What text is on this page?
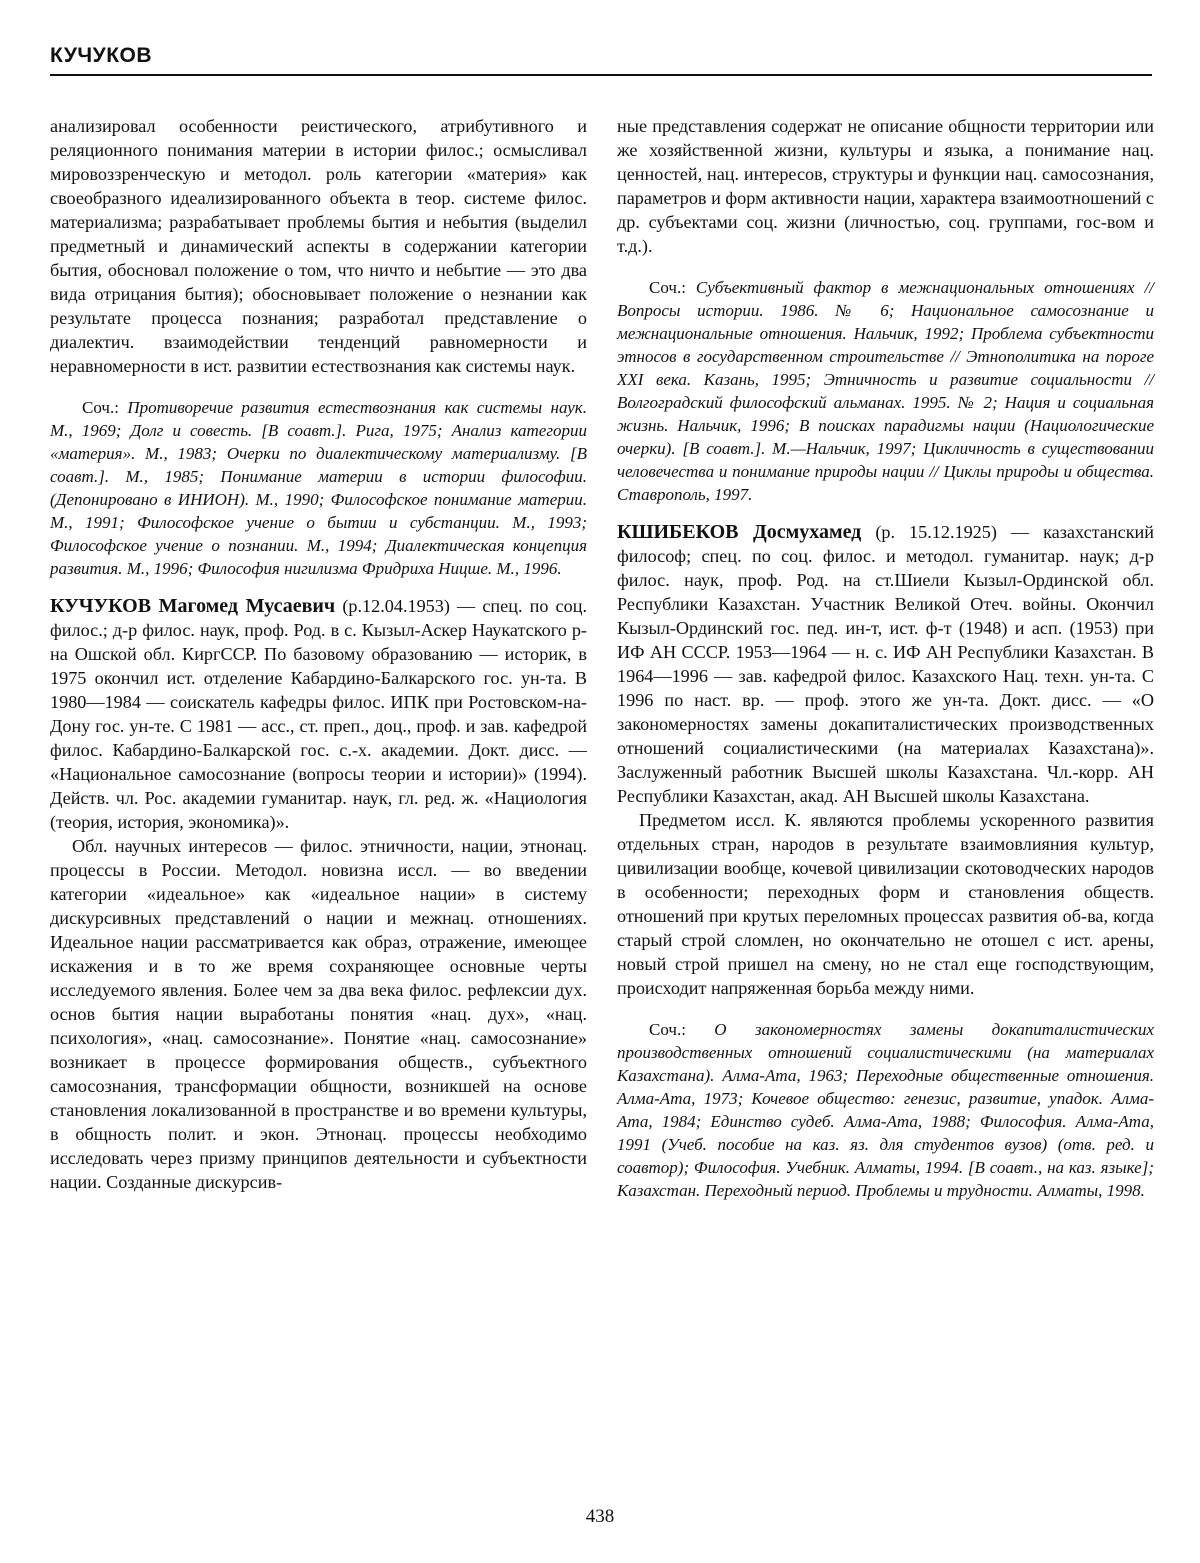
КУЧУКОВ

анализировал особенности реистического, атрибутивного и реляционного понимания материи в истории филос.; осмысливал мировоззренческую и методол. роль категории «материя» как своеобразного идеализированного объекта в теор. системе филос. материализма; разрабатывает проблемы бытия и небытия (выделил предметный и динамический аспекты в содержании категории бытия, обосновал положение о том, что ничто и небытие — это два вида отрицания бытия); обосновывает положение о незнании как результате процесса познания; разработал представление о диалектич. взаимодействии тенденций равномерности и неравномерности в ист. развитии естествознания как системы наук.

Соч.: Противоречие развития естествознания как системы наук. М., 1969; Долг и совесть. [В соавт.]. Рига, 1975; Анализ категории «материя». М., 1983; Очерки по диалектическому материализму. [В соавт.]. М., 1985; Понимание материи в истории философии. (Депонировано в ИНИОН). М., 1990; Философское понимание материи. М., 1991; Философское учение о бытии и субстанции. М., 1993; Философское учение о познании. М., 1994; Диалектическая концепция развития. М., 1996; Философия нигилизма Фридриха Ницше. М., 1996.

КУЧУКОВ Магомед Мусаевич (р.12.04.1953) — спец. по соц. филос.; д-р филос. наук, проф. Род. в с. Кызыл-Аскер Наукатского р-на Ошской обл. КиргССР. По базовому образованию — историк, в 1975 окончил ист. отделение Кабардино-Балкарского гос. ун-та. В 1980—1984 — соискатель кафедры филос. ИПК при Ростовском-на-Дону гос. ун-те. С 1981 — асс., ст. преп., доц., проф. и зав. кафедрой филос. Кабардино-Балкарской гос. с.-х. академии. Докт. дисс. — «Национальное самосознание (вопросы теории и истории)» (1994). Действ. чл. Рос. академии гуманитар. наук, гл. ред. ж. «Нациология (теория, история, экономика)».

Обл. научных интересов — филос. этничности, нации, этнонац. процессы в России. Методол. новизна иссл. — во введении категории «идеальное» как «идеальное нации» в систему дискурсивных представлений о нации и межнац. отношениях. Идеальное нации рассматривается как образ, отражение, имеющее искажения и в то же время сохраняющее основные черты исследуемого явления. Более чем за два века филос. рефлексии дух. основ бытия нации выработаны понятия «нац. дух», «нац. психология», «нац. самосознание». Понятие «нац. самосознание» возникает в процессе формирования обществ., субъектного самосознания, трансформации общности, возникшей на основе становления локализованной в пространстве и во времени культуры, в общность полит. и экон. Этнонац. процессы необходимо исследовать через призму принципов деятельности и субъектности нации. Созданные дискурсив-

ные представления содержат не описание общности территории или же хозяйственной жизни, культуры и языка, а понимание нац. ценностей, нац. интересов, структуры и функции нац. самосознания, параметров и форм активности нации, характера взаимоотношений с др. субъектами соц. жизни (личностью, соц. группами, гос-вом и т.д.).

Соч.: Субъективный фактор в межнациональных отношениях // Вопросы истории. 1986. № 6; Национальное самосознание и межнациональные отношения. Нальчик, 1992; Проблема субъектности этносов в государственном строительстве // Этнополитика на пороге XXI века. Казань, 1995; Этничность и развитие социальности // Волгоградский философский альманах. 1995. № 2; Нация и социальная жизнь. Нальчик, 1996; В поисках парадигмы нации (Нациологические очерки). [В соавт.]. М.—Нальчик, 1997; Цикличность в существовании человечества и понимание природы нации // Циклы природы и общества. Ставрополь, 1997.

КШИБЕКОВ Досмухамед (р. 15.12.1925) — казахстанский философ; спец. по соц. филос. и методол. гуманитар. наук; д-р филос. наук, проф. Род. на ст.Шиели Кызыл-Ординской обл. Республики Казахстан. Участник Великой Отеч. войны. Окончил Кызыл-Ординский гос. пед. ин-т, ист. ф-т (1948) и асп. (1953) при ИФ АН СССР. 1953—1964 — н. с. ИФ АН Республики Казахстан. В 1964—1996 — зав. кафедрой филос. Казахского Нац. техн. ун-та. С 1996 по наст. вр. — проф. этого же ун-та. Докт. дисс. — «О закономерностях замены докапиталистических производственных отношений социалистическими (на материалах Казахстана)». Заслуженный работник Высшей школы Казахстана. Чл.-корр. АН Республики Казахстан, акад. АН Высшей школы Казахстана.

Предметом иссл. К. являются проблемы ускоренного развития отдельных стран, народов в результате взаимовлияния культур, цивилизации вообще, кочевой цивилизации скотоводческих народов в особенности; переходных форм и становления обществ. отношений при крутых переломных процессах развития об-ва, когда старый строй сломлен, но окончательно не отошел с ист. арены, новый строй пришел на смену, но не стал еще господствующим, происходит напряженная борьба между ними.

Соч.: О закономерностях замены докапиталистических производственных отношений социалистическими (на материалах Казахстана). Алма-Ата, 1963; Переходные общественные отношения. Алма-Ата, 1973; Кочевое общество: генезис, развитие, упадок. Алма-Ата, 1984; Единство судеб. Алма-Ата, 1988; Философия. Алма-Ата, 1991 (Учеб. пособие на каз. яз. для студентов вузов) (отв. ред. и соавтор); Философия. Учебник. Алматы, 1994. [В соавт., на каз. языке]; Казахстан. Переходный период. Проблемы и трудности. Алматы, 1998.

438
